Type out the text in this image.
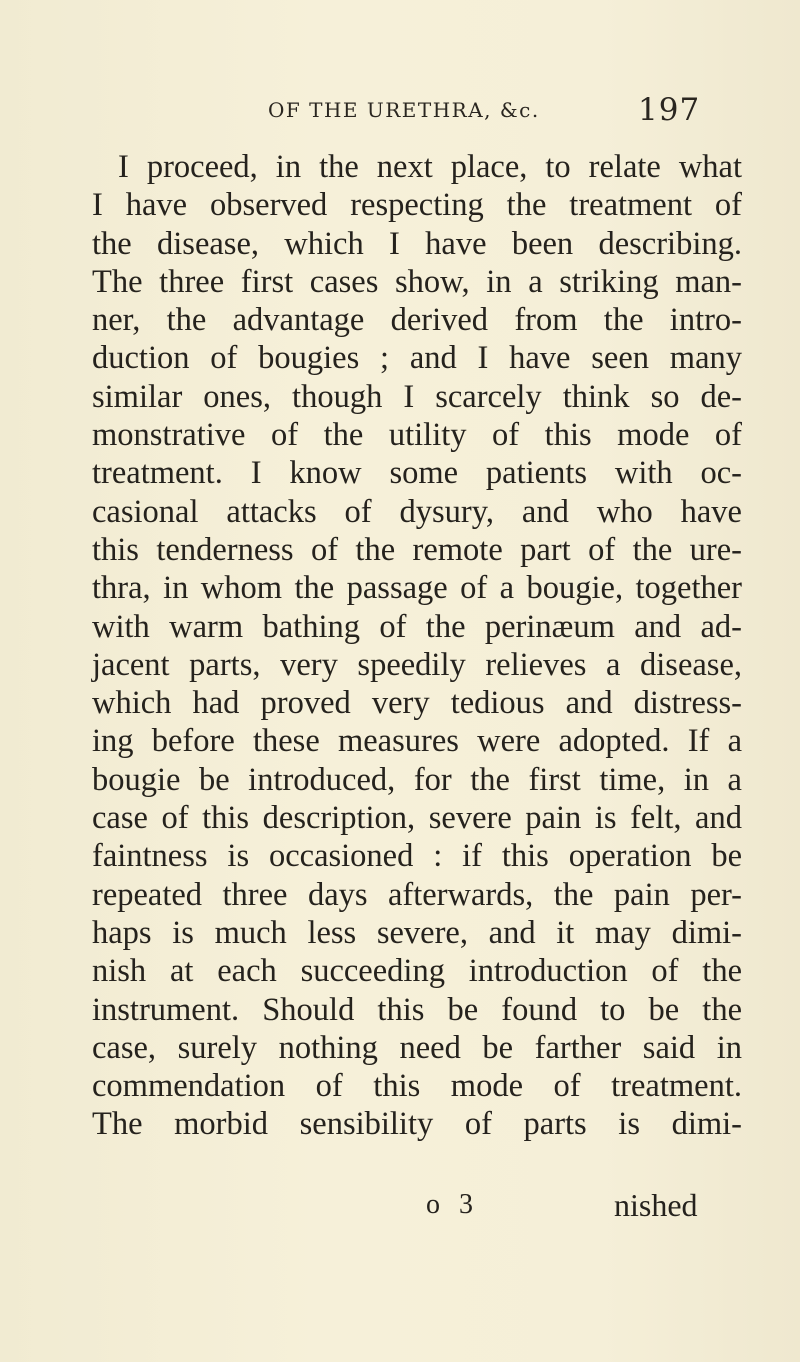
OF THE URETHRA, &c.	197
I proceed, in the next place, to relate what
I have observed respecting the treatment of
the disease, which I have been describing.
The three first cases show, in a striking man-
ner, the advantage derived from the intro-
duction of bougies ; and I have seen many
similar ones, though I scarcely think so de-
monstrative of the utility of this mode of
treatment. I know some patients with oc-
casional attacks of dysury, and who have
this tenderness of the remote part of the ure-
thra, in whom the passage of a bougie, together
with warm bathing of the perinæum and ad-
jacent parts, very speedily relieves a disease,
which had proved very tedious and distress-
ing before these measures were adopted. If a
bougie be introduced, for the first time, in a
case of this description, severe pain is felt, and
faintness is occasioned : if this operation be
repeated three days afterwards, the pain per-
haps is much less severe, and it may dimi-
nish at each succeeding introduction of the
instrument. Should this be found to be the
case, surely nothing need be farther said in
commendation of this mode of treatment.
The morbid sensibility of parts is dimi-
o 3	nished
